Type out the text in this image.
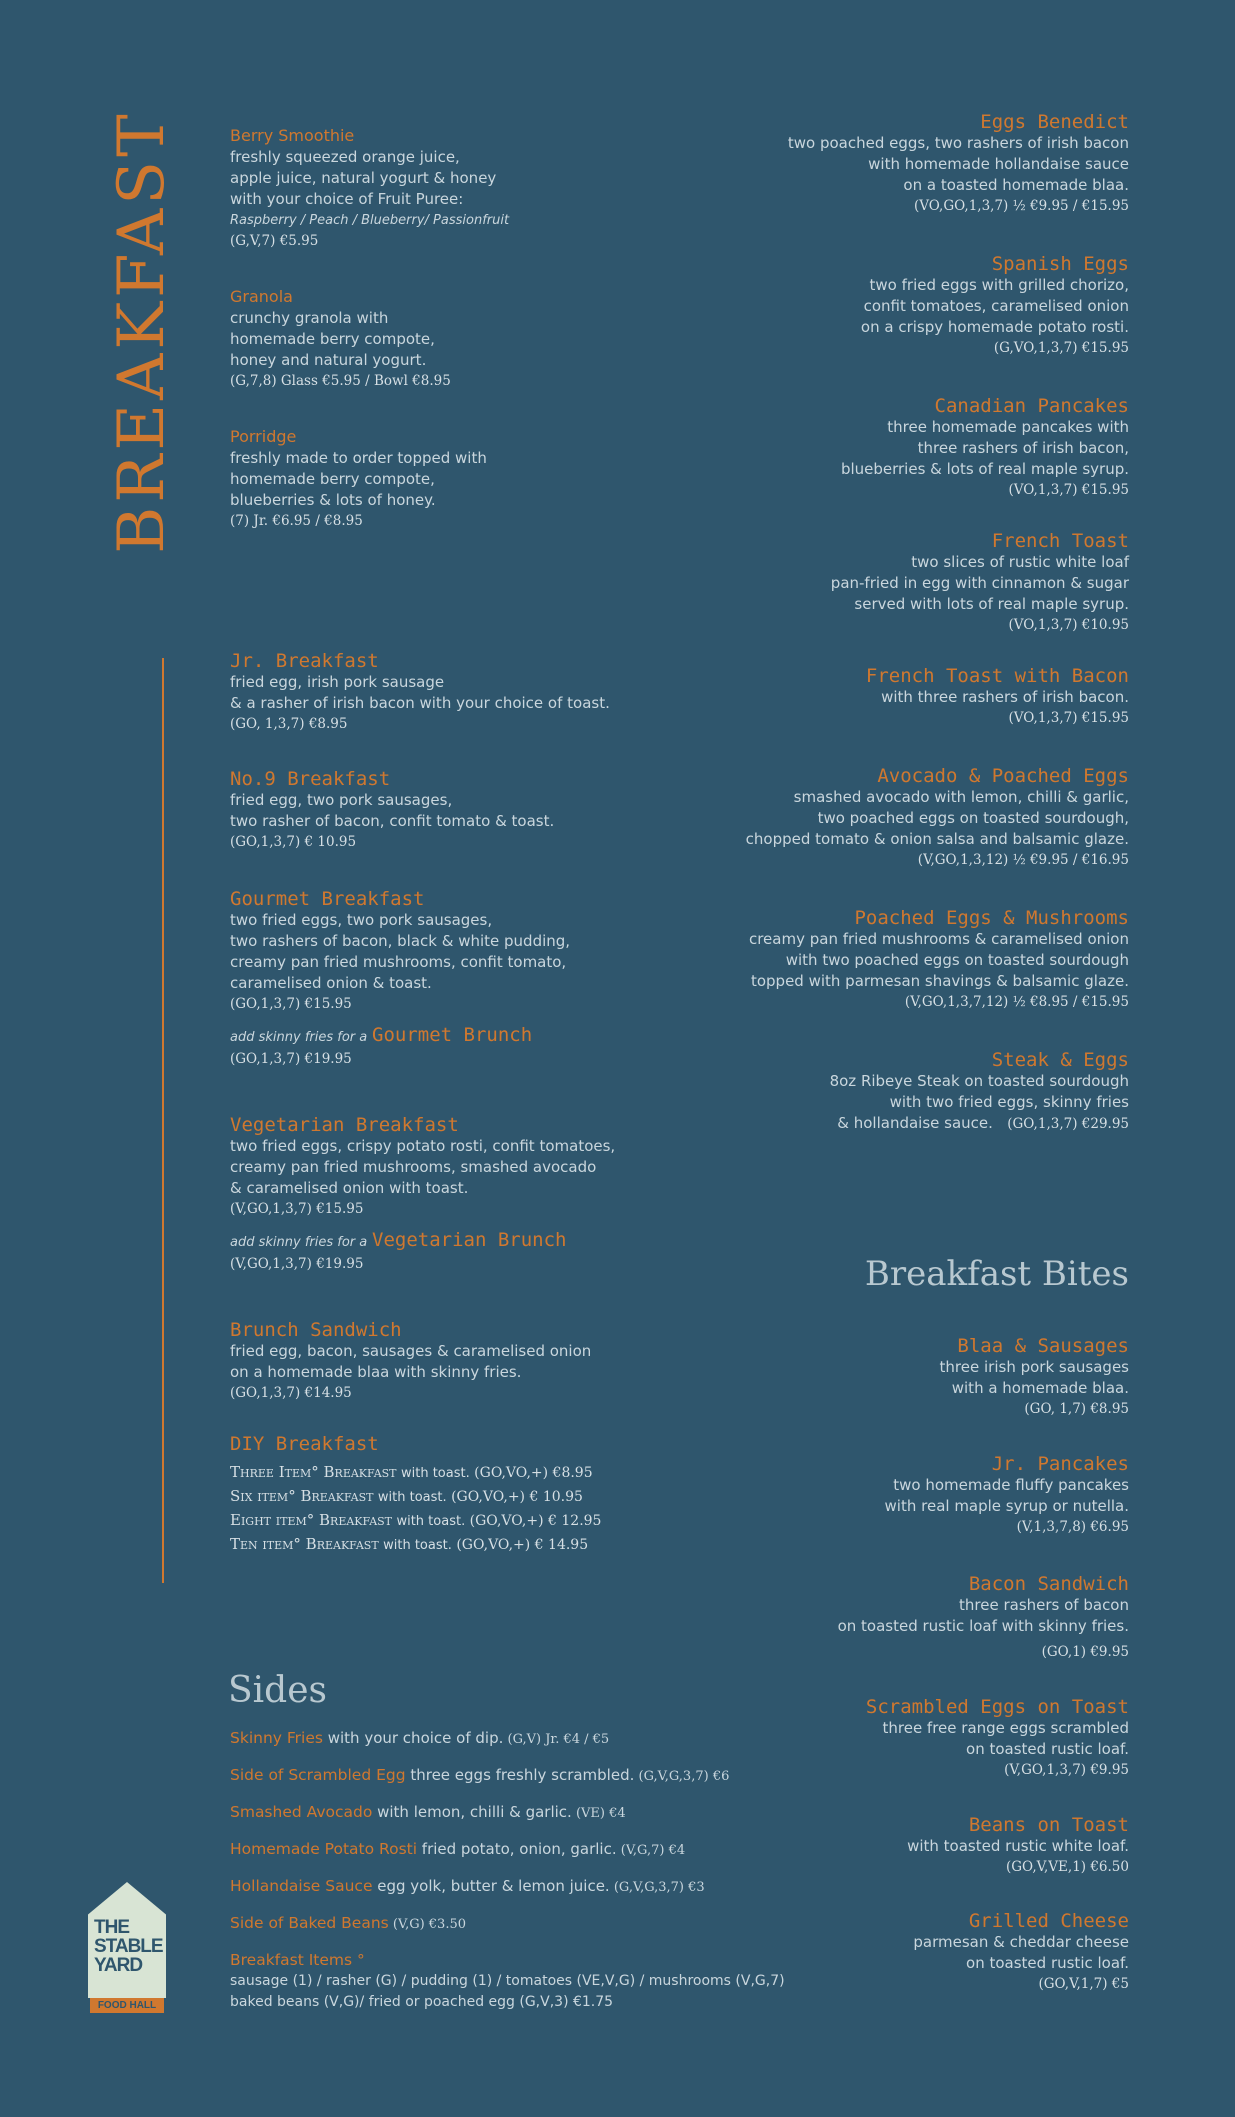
BREAKFAST	Berry Smoothie
freshly squeezed orange juice,
apple juice, natural yogurt & honey
with your choice of Fruit Puree:
Raspberry / Peach / Blueberry/ Passionfruit
(G,V,7) €5.95
Granola
crunchy granola with
homemade berry compote,
honey and natural yogurt.
(G,7,8) Glass €5.95 / Bowl €8.95
Porridge
freshly made to order topped with
homemade berry compote,
blueberries & lots of honey.
(7) Jr. €6.95 / €8.95
Jr. Breakfast
fried egg, irish pork sausage
& a rasher of irish bacon with your choice of toast.
(GO, 1,3,7) €8.95
No.9 Breakfast
fried egg, two pork sausages,
two rasher of bacon, confit tomato & toast.
(GO,1,3,7) € 10.95
Gourmet Breakfast
two fried eggs, two pork sausages,
two rashers of bacon, black & white pudding,
creamy pan fried mushrooms, confit tomato,
caramelised onion & toast.
(GO,1,3,7) €15.95
add skinny fries for a Gourmet Brunch
(GO,1,3,7) €19.95
Vegetarian Breakfast
two fried eggs, crispy potato rosti, confit tomatoes,
creamy pan fried mushrooms, smashed avocado
& caramelised onion with toast.
(V,GO,1,3,7) €15.95
add skinny fries for a Vegetarian Brunch
(V,GO,1,3,7) €19.95
Brunch Sandwich
fried egg, bacon, sausages & caramelised onion
on a homemade blaa with skinny fries.
(GO,1,3,7) €14.95
DIY Breakfast
Three Item° Breakfast with toast. (GO,VO,+) €8.95
Six item° Breakfast with toast. (GO,VO,+) € 10.95
Eight item° Breakfast with toast. (GO,VO,+) € 12.95
Ten item° Breakfast with toast. (GO,VO,+) € 14.95
Sides
Skinny Fries with your choice of dip. (G,V) Jr. €4 / €5
Side of Scrambled Egg three eggs freshly scrambled. (G,V,G,3,7) €6
Smashed Avocado with lemon, chilli & garlic. (VE) €4
Homemade Potato Rosti fried potato, onion, garlic. (V,G,7) €4
Hollandaise Sauce egg yolk, butter & lemon juice. (G,V,G,3,7) €3
Side of Baked Beans (V,G) €3.50
Breakfast Items °
sausage (1) / rasher (G) / pudding (1) / tomatoes (VE,V,G) / mushrooms (V,G,7)
baked beans (V,G)/ fried or poached egg (G,V,3) €1.75
THE
STABLE
YARD
FOOD HALL
Eggs Benedict
two poached eggs, two rashers of irish bacon
with homemade hollandaise sauce
on a toasted homemade blaa.
(VO,GO,1,3,7) ½ €9.95 / €15.95
Spanish Eggs
two fried eggs with grilled chorizo,
confit tomatoes, caramelised onion
on a crispy homemade potato rosti.
(G,VO,1,3,7) €15.95
Canadian Pancakes
three homemade pancakes with
three rashers of irish bacon,
blueberries & lots of real maple syrup.
(VO,1,3,7) €15.95
French Toast
two slices of rustic white loaf
pan-fried in egg with cinnamon & sugar
served with lots of real maple syrup.
(VO,1,3,7) €10.95
French Toast with Bacon
with three rashers of irish bacon.
(VO,1,3,7) €15.95
Avocado & Poached Eggs
smashed avocado with lemon, chilli & garlic,
two poached eggs on toasted sourdough,
chopped tomato & onion salsa and balsamic glaze.
(V,GO,1,3,12) ½ €9.95 / €16.95
Poached Eggs & Mushrooms
creamy pan fried mushrooms & caramelised onion
with two poached eggs on toasted sourdough
topped with parmesan shavings & balsamic glaze.
(V,GO,1,3,7,12) ½ €8.95 / €15.95
Steak & Eggs
8oz Ribeye Steak on toasted sourdough
with two fried eggs, skinny fries
& hollandaise sauce. (GO,1,3,7) €29.95
Breakfast Bites
Blaa & Sausages
three irish pork sausages
with a homemade blaa.
(GO, 1,7) €8.95
Jr. Pancakes
two homemade fluffy pancakes
with real maple syrup or nutella.
(V,1,3,7,8) €6.95
Bacon Sandwich
three rashers of bacon
on toasted rustic loaf with skinny fries.
(GO,1) €9.95
Scrambled Eggs on Toast
three free range eggs scrambled
on toasted rustic loaf.
(V,GO,1,3,7) €9.95
Beans on Toast
with toasted rustic white loaf.
(GO,V,VE,1) €6.50
Grilled Cheese
parmesan & cheddar cheese
on toasted rustic loaf.
(GO,V,1,7) €5
